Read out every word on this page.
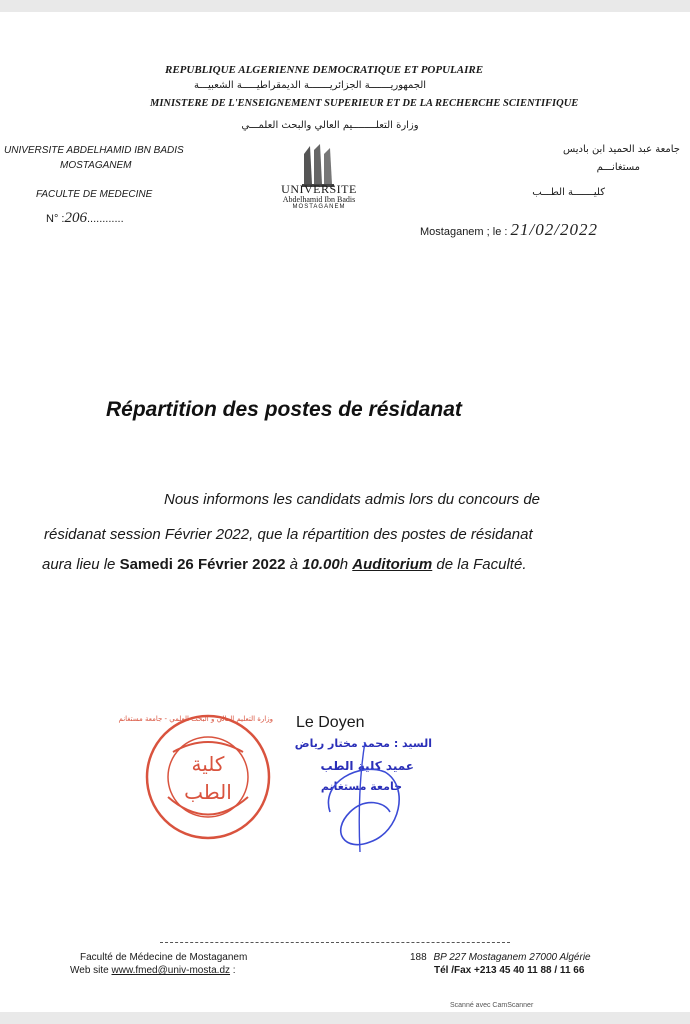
REPUBLIQUE ALGERIENNE DEMOCRATIQUE ET POPULAIRE
الجمهوريـــــــة الجزائريـــــــة الديمقراطيـــــة الشعبيـــة
MINISTERE DE L'ENSEIGNEMENT SUPERIEUR ET DE LA RECHERCHE SCIENTIFIQUE
وزارة التعلــــــــيم العالي والبحث العلمـــي
UNIVERSITE ABDELHAMID IBN BADIS
MOSTAGANEM
FACULTE DE MEDECINE
N° :206............
UNIVERSITE
Abdelhamid Ibn Badis
MOSTAGANEM
جامعة عبد الحميد ابن باديس
مستغانـــم
كليـــــــة الطـــب
Mostaganem ; le : 21/02/2022
Répartition des postes de résidanat
Nous informons les candidats admis lors du concours de
résidanat session Février 2022, que la répartition des postes de résidanat
aura lieu le Samedi 26 Février 2022 à 10.00h Auditorium de la Faculté.
Le Doyen
وزارة التعليم العالي و البحث العلمي - جامعة مستغانم
كلية
الطب
السيد : محمد مختار رياض
عميد كلية الطب
جامعة مستغانم
Faculté de Médecine de Mostaganem
Web site www.fmed@univ-mosta.dz :
188 BP 227 Mostaganem 27000 Algérie
Tél /Fax +213 45 40 11 88 / 11 66
Scanné avec CamScanner
